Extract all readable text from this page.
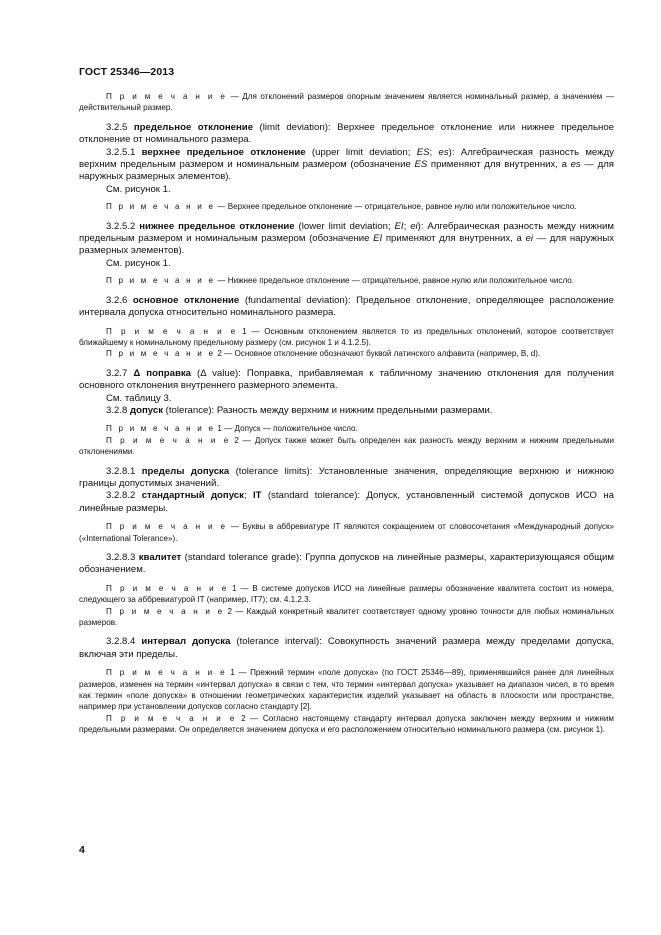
ГОСТ 25346—2013

П р и м е ч а н и е — Для отклонений размеров опорным значением является номинальный размер, а значением — действительный размер.

3.2.5 предельное отклонение (limit deviation): Верхнее предельное отклонение или нижнее предельное отклонение от номинального размера.

3.2.5.1 верхнее предельное отклонение (upper limit deviation; ES; es): Алгебраическая разность между верхним предельным размером и номинальным размером (обозначение ES применяют для внутренних, а es — для наружных размерных элементов).

См. рисунок 1.

П р и м е ч а н и е — Верхнее предельное отклонение — отрицательное, равное нулю или положительное число.

3.2.5.2 нижнее предельное отклонение (lower limit deviation; EI; ei): Алгебраическая разность между нижним предельным размером и номинальным размером (обозначение EI применяют для внутренних, а ei — для наружных размерных элементов).

См. рисунок 1.

П р и м е ч а н и е — Нижнее предельное отклонение — отрицательное, равное нулю или положительное число.

3.2.6 основное отклонение (fundamental deviation): Предельное отклонение, определяющее расположение интервала допуска относительно номинального размера.

П р и м е ч а н и е 1 — Основным отклонением является то из предельных отклонений, которое соответствует ближайшему к номинальному предельному размеру (см. рисунок 1 и 4.1.2.5).

П р и м е ч а н и е 2 — Основное отклонение обозначают буквой латинского алфавита (например, B, d).

3.2.7 Δ поправка (Δ value): Поправка, прибавляемая к табличному значению отклонения для получения основного отклонения внутреннего размерного элемента.

См. таблицу 3.

3.2.8 допуск (tolerance): Разность между верхним и нижним предельными размерами.

П р и м е ч а н и е 1 — Допуск — положительное число.

П р и м е ч а н и е 2 — Допуск также может быть определен как разность между верхним и нижним предельными отклонениями.

3.2.8.1 пределы допуска (tolerance limits): Установленные значения, определяющие верхнюю и нижнюю границы допустимых значений.

3.2.8.2 стандартный допуск; IT (standard tolerance): Допуск, установленный системой допусков ИСО на линейные размеры.

П р и м е ч а н и е — Буквы в аббревиатуре IT являются сокращением от словосочетания «Международный допуск» («International Tolerance»).

3.2.8.3 квалитет (standard tolerance grade): Группа допусков на линейные размеры, характеризующаяся общим обозначением.

П р и м е ч а н и е 1 — В системе допусков ИСО на линейные размеры обозначение квалитета состоит из номера, следующего за аббревиатурой IT (например, IT7); см. 4.1.2.3.

П р и м е ч а н и е 2 — Каждый конкретный квалитет соответствует одному уровню точности для любых номинальных размеров.

3.2.8.4 интервал допуска (tolerance interval): Совокупность значений размера между пределами допуска, включая эти пределы.

П р и м е ч а н и е 1 — Прежний термин «поле допуска» (по ГОСТ 25346—89), применявшийся ранее для линейных размеров, изменен на термин «интервал допуска» в связи с тем, что термин «интервал допуска» указывает на диапазон чисел, в то время как термин «поле допуска» в отношении геометрических характеристик изделий указывает на область в плоскости или пространстве, например при установлении допусков согласно стандарту [2].

П р и м е ч а н и е 2 — Согласно настоящему стандарту интервал допуска заключен между верхним и нижним предельными размерами. Он определяется значением допуска и его расположением относительно номинального размера (см. рисунок 1).

4
